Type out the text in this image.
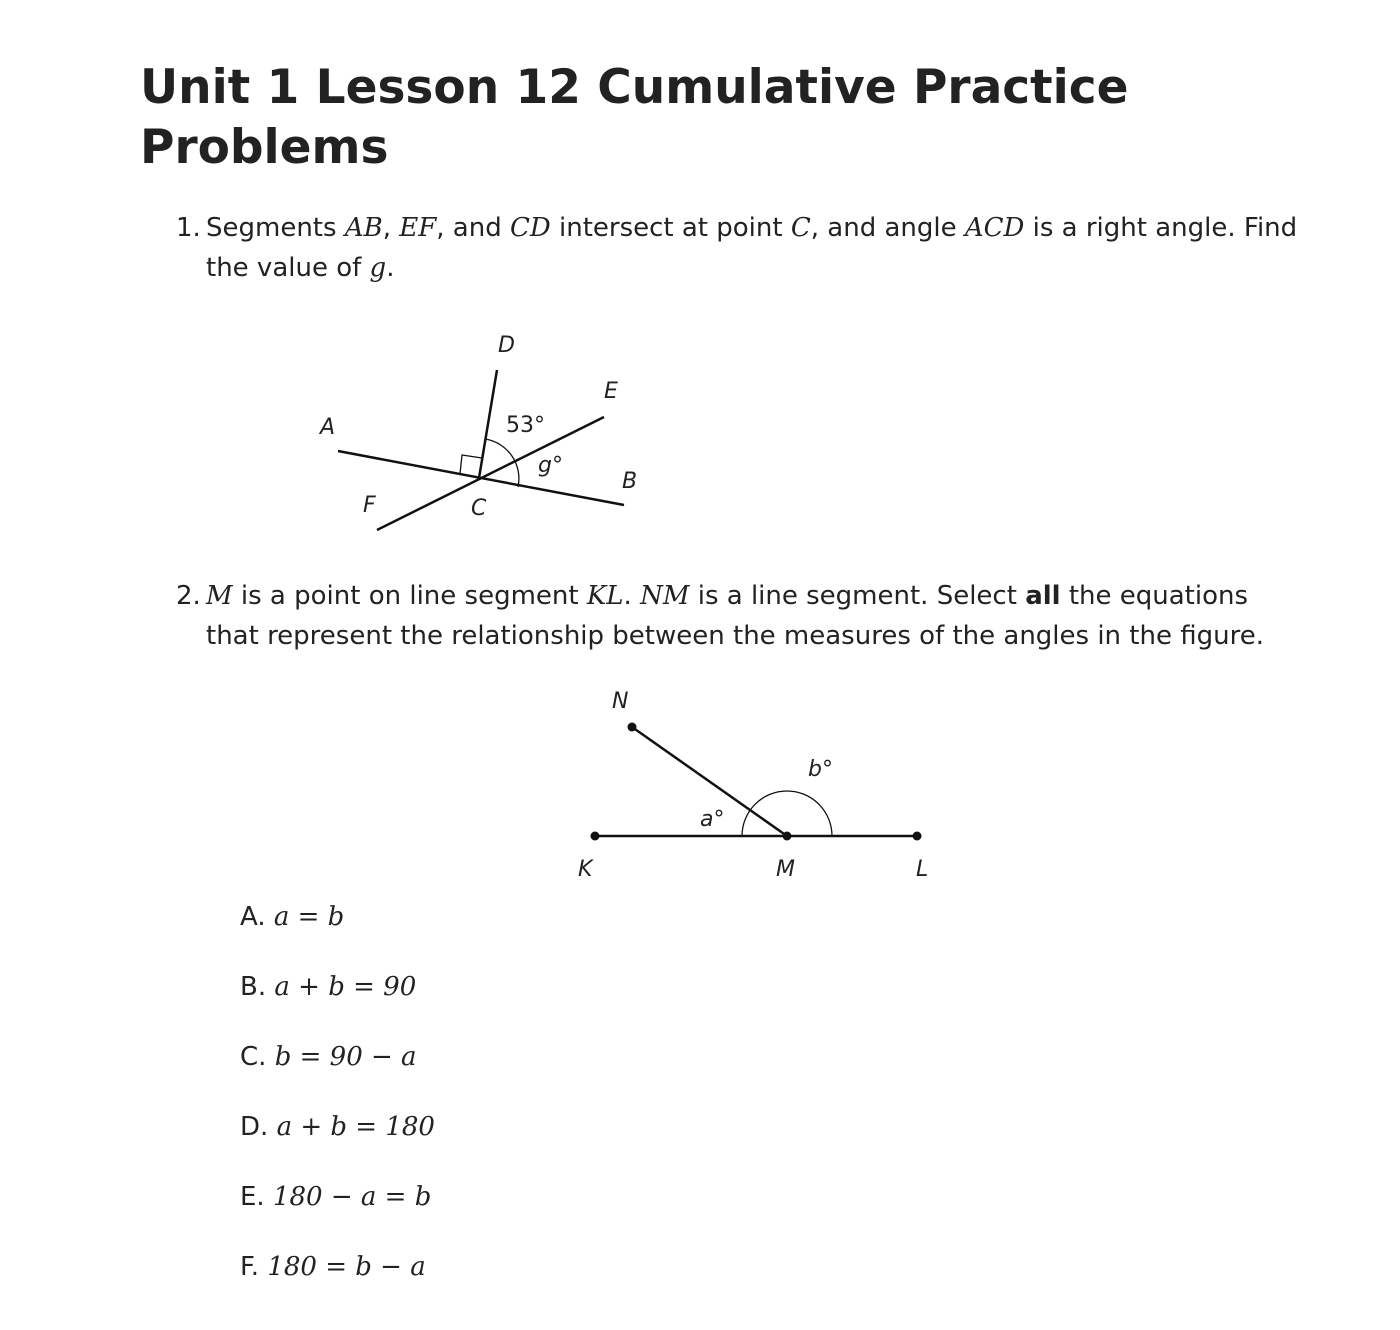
Unit 1 Lesson 12 Cumulative Practice Problems
1. Segments AB, EF, and CD intersect at point C, and angle ACD is a right angle. Find the value of g.
A
B
C
D
E
F
53°
g°
N
K	M	L
a°
b°
2. M is a point on line segment KL. NM is a line segment. Select all the equations that represent the relationship between the measures of the angles in the figure.
A. a = b
B. a + b = 90
C. b = 90 − a
D. a + b = 180
E. 180 − a = b
F. 180 = b − a
